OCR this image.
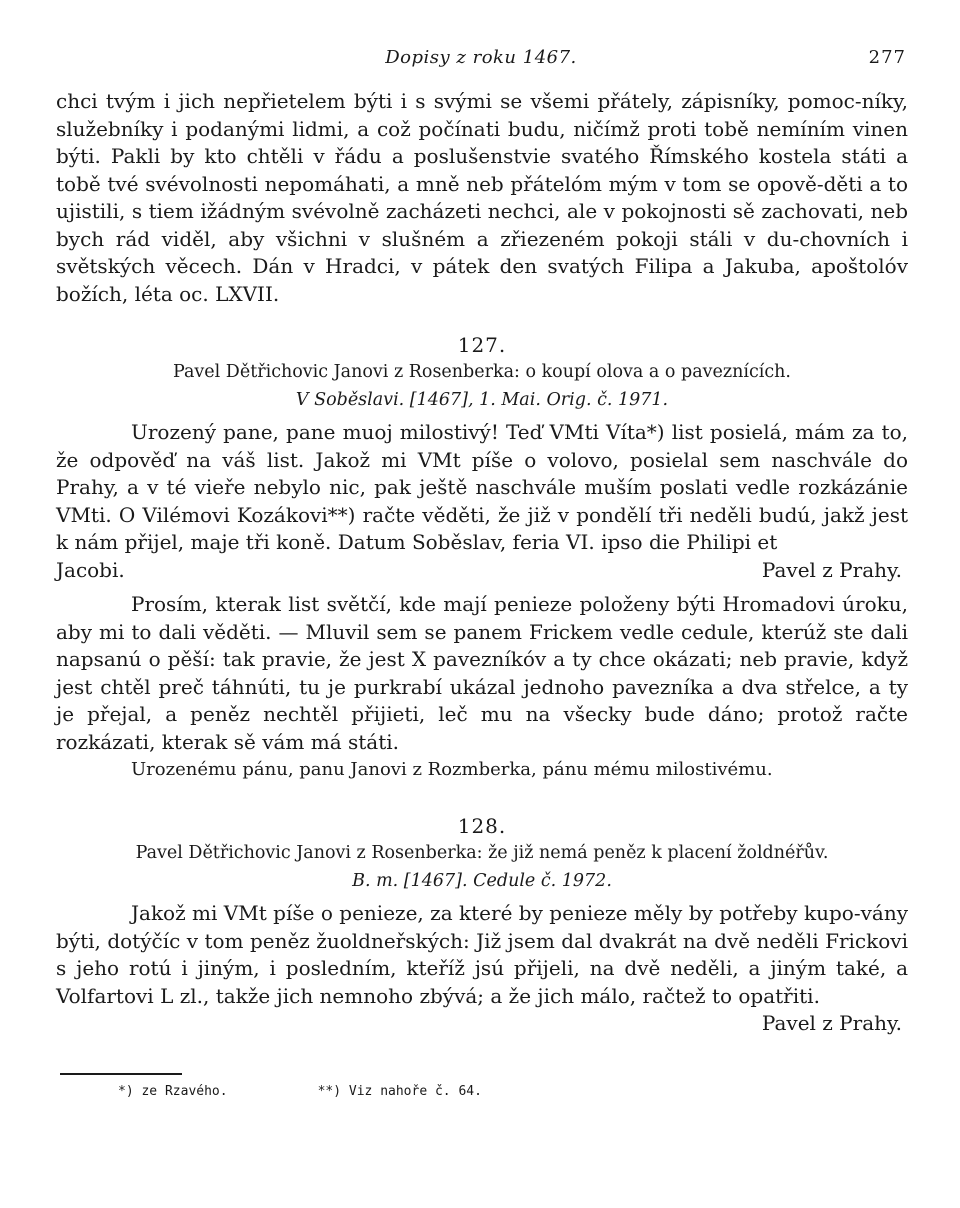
Dopisy z roku 1467.	277

chci tvým i jich nepřietelem býti i s svými se všemi přátely, zápisníky, pomoc-níky, služebníky i podanými lidmi, a což počínati budu, ničímž proti tobě nemíním vinen býti. Pakli by kto chtěli v řádu a poslušenstvie svatého Římského kostela státi a tobě tvé svévolnosti nepomáhati, a mně neb přátelóm mým v tom se opově-děti a to ujistili, s tiem ižádným svévolně zacházeti nechci, ale v pokojnosti sě zachovati, neb bych rád viděl, aby všichni v slušném a zřiezeném pokoji stáli v du-chovních i světských věcech. Dán v Hradci, v pátek den svatých Filipa a Jakuba, apoštolóv božích, léta oc. LXVII.

127.
Pavel Dětřichovic Janovi z Rosenberka: o koupí olova a o paveznících.
V Soběslavi. [1467], 1. Mai. Orig. č. 1971.

Urozený pane, pane muoj milostivý! Teď VMti Víta*) list posielá, mám za to, že odpověď na váš list. Jakož mi VMt píše o volovo, posielal sem naschvále do Prahy, a v té vieře nebylo nic, pak ještě naschvále muším poslati vedle rozkázánie VMti. O Vilémovi Kozákovi**) račte věděti, že již v pondělí tři neděli budú, jakž jest k nám přijel, maje tři koně. Datum Soběslav, feria VI. ipso die Philipi et

Jacobi.	Pavel z Prahy.

Prosím, kterak list světčí, kde mají penieze položeny býti Hromadovi úroku, aby mi to dali věděti. — Mluvil sem se panem Frickem vedle cedule, kterúž ste dali napsanú o pěší: tak pravie, že jest X pavezníkóv a ty chce okázati; neb pravie, když jest chtěl preč táhnúti, tu je purkrabí ukázal jednoho pavezníka a dva střelce, a ty je přejal, a peněz nechtěl přijieti, leč mu na všecky bude dáno; protož račte rozkázati, kterak sě vám má státi.

Urozenému pánu, panu Janovi z Rozmberka, pánu mému milostivému.
128.
Pavel Dětřichovic Janovi z Rosenberka: že již nemá peněz k placení žoldnéřův.
B. m. [1467]. Cedule č. 1972.

Jakož mi VMt píše o penieze, za které by penieze měly by potřeby kupo-vány býti, dotýčíc v tom peněz žuoldneřských: Již jsem dal dvakrát na dvě neděli Frickovi s jeho rotú i jiným, i posledním, kteříž jsú přijeli, na dvě neděli, a jiným také, a Volfartovi L zl., takže jich nemnoho zbývá; a že jich málo, račtež to opatřiti.

Pavel z Prahy.

*) ze Rzavého.	**) Viz nahoře č. 64.
